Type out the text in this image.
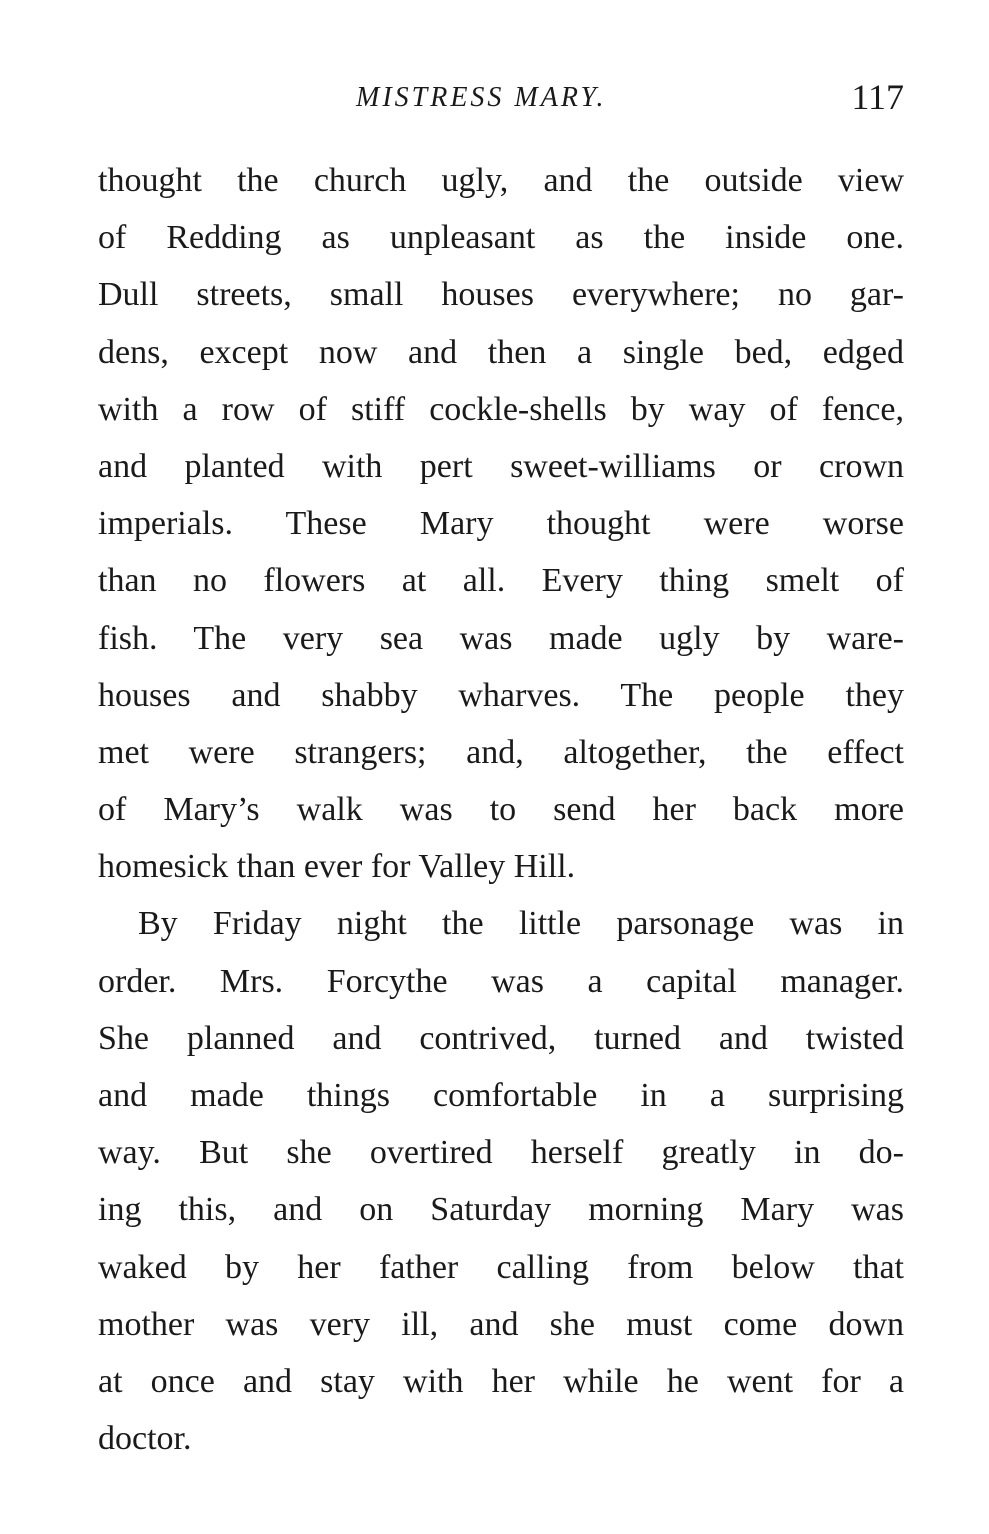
MISTRESS MARY.	117
thought the church ugly, and the outside view
of Redding as unpleasant as the inside one.
Dull streets, small houses everywhere; no gar-
dens, except now and then a single bed, edged
with a row of stiff cockle-shells by way of fence,
and planted with pert sweet-williams or crown
imperials. These Mary thought were worse
than no flowers at all. Every thing smelt of
fish. The very sea was made ugly by ware-
houses and shabby wharves. The people they
met were strangers; and, altogether, the effect
of Mary’s walk was to send her back more
homesick than ever for Valley Hill.
By Friday night the little parsonage was in
order. Mrs. Forcythe was a capital manager.
She planned and contrived, turned and twisted
and made things comfortable in a surprising
way. But she overtired herself greatly in do-
ing this, and on Saturday morning Mary was
waked by her father calling from below that
mother was very ill, and she must come down
at once and stay with her while he went for a
doctor.
